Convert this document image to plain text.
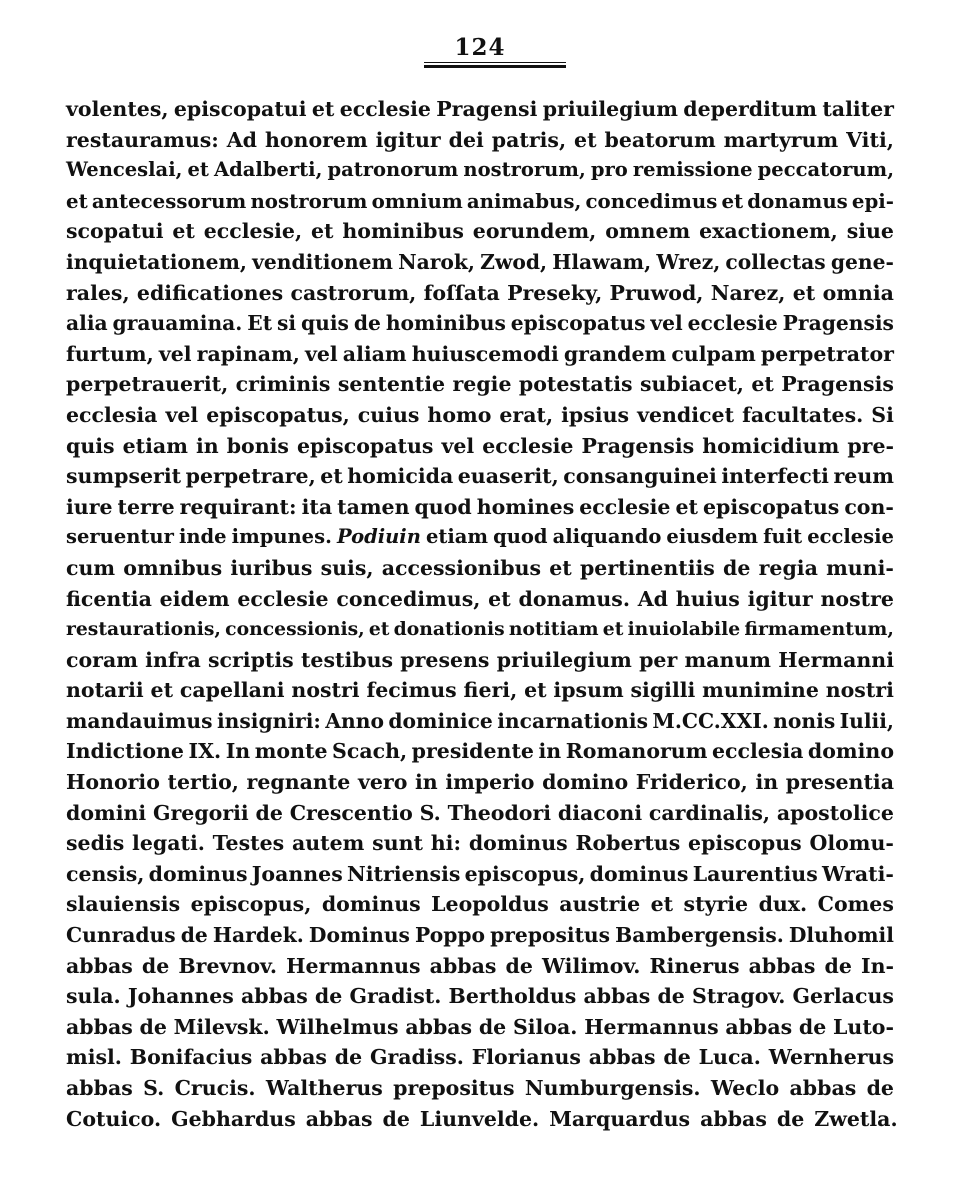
124
volentes, episcopatui et ecclesie Pragensi priuilegium deperditum taliter
restauramus: Ad honorem igitur dei patris, et beatorum martyrum Viti,
Wenceslai, et Adalberti, patronorum nostrorum, pro remissione peccatorum,
et antecessorum nostrorum omnium animabus, concedimus et donamus epi-
scopatui et ecclesie, et hominibus eorundem, omnem exactionem, siue
inquietationem, venditionem Narok, Zwod, Hlawam, Wrez, collectas gene-
rales, edificationes castrorum, foſſata Preseky, Pruwod, Narez, et omnia
alia grauamina. Et si quis de hominibus episcopatus vel ecclesie Pragensis
furtum, vel rapinam, vel aliam huiuscemodi grandem culpam perpetrator
perpetrauerit, criminis sententie regie potestatis subiacet, et Pragensis
ecclesia vel episcopatus, cuius homo erat, ipsius vendicet facultates. Si
quis etiam in bonis episcopatus vel ecclesie Pragensis homicidium pre-
sumpserit perpetrare, et homicida euaserit, consanguinei interfecti reum
iure terre requirant: ita tamen quod homines ecclesie et episcopatus con-
seruentur inde impunes. Podiuin etiam quod aliquando eiusdem fuit ecclesie
cum omnibus iuribus suis, accessionibus et pertinentiis de regia muni-
ficentia eidem ecclesie concedimus, et donamus. Ad huius igitur nostre
restaurationis, concessionis, et donationis notitiam et inuiolabile firmamentum,
coram infra scriptis testibus presens priuilegium per manum Hermanni
notarii et capellani nostri fecimus fieri, et ipsum sigilli munimine nostri
mandauimus insigniri: Anno dominice incarnationis M.CC.XXI. nonis Iulii,
Indictione IX. In monte Scach, presidente in Romanorum ecclesia domino
Honorio tertio, regnante vero in imperio domino Friderico, in presentia
domini Gregorii de Crescentio S. Theodori diaconi cardinalis, apostolice
sedis legati. Testes autem sunt hi: dominus Robertus episcopus Olomu-
censis, dominus Joannes Nitriensis episcopus, dominus Laurentius Wrati-
slauiensis episcopus, dominus Leopoldus austrie et styrie dux. Comes
Cunradus de Hardek. Dominus Poppo prepositus Bambergensis. Dluhomil
abbas de Brevnov. Hermannus abbas de Wilimov. Rinerus abbas de In-
sula. Johannes abbas de Gradist. Bertholdus abbas de Stragov. Gerlacus
abbas de Milevsk. Wilhelmus abbas de Siloa. Hermannus abbas de Luto-
misl. Bonifacius abbas de Gradiss. Florianus abbas de Luca. Wernherus
abbas S. Crucis. Waltherus prepositus Numburgensis. Weclo abbas de
Cotuico. Gebhardus abbas de Liunvelde. Marquardus abbas de Zwetla.
